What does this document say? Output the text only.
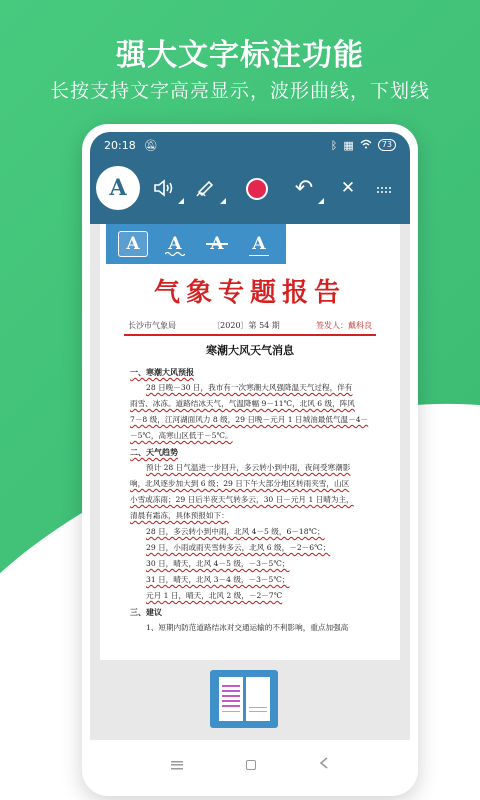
强大文字标注功能
长按支持文字高亮显示，波形曲线，下划线
20:18 🔕︎	ᛒ ▦	73
A	↶ ✕
气象专题报告
长沙市气象局	〔2020〕第 54 期	签发人：戴科良
寒潮大风天气消息
一、寒潮大风预报
28 日晚－30 日，我市有一次寒潮大风强降温天气过程，伴有
雨雪、冰冻。道路结冰天气，气温降幅 9－11℃，北风 6 级，阵风
7－8 级，江河湖面风力 8 级，29 日晚－元月 1 日城油最低气温－4－
－5℃，高寒山区低于－5℃。
二、天气趋势
预计 28 日气温进一步回升，多云转小到中雨，夜间受寒潮影
响，北风逐步加大到 6 级；29 日下午大部分地区转雨夹雪，山区
小雪或冻雨；29 日后半夜天气转多云，30 日－元月 1 日晴为主，
清晨有霜冻，具体预报如下：
28 日，多云转小到中雨，北风 4－5 级，6－18℃；
29 日，小雨或雨夹雪转多云，北风 6 级，－2－6℃；
30 日，晴天，北风 4－5 级，－3－5℃；
31 日，晴天，北风 3－4 级，－3－5℃；
元月 1 日，晴天，北风 2 级，－2－7℃
三、建议
1、短期内防范道路结冰对交通运输的不利影响，重点加强高
A A	A
